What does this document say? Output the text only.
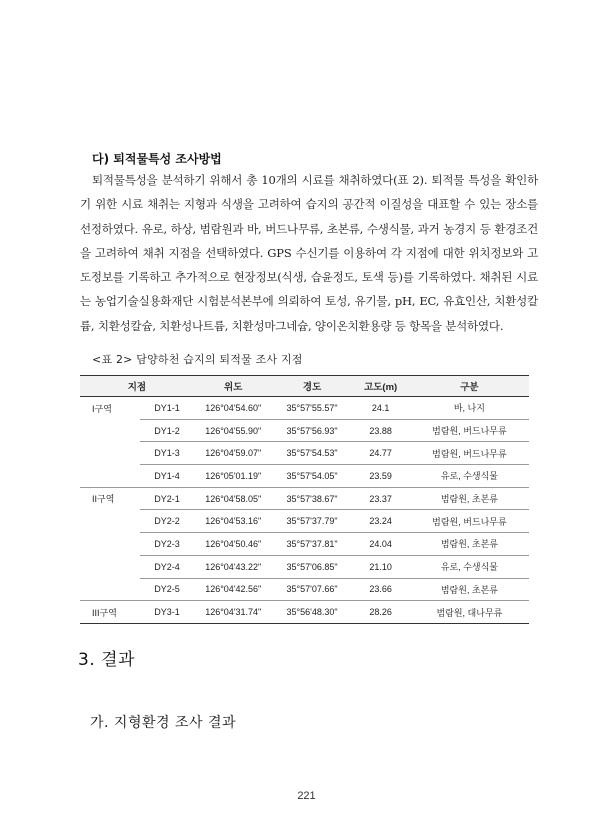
다) 퇴적물특성 조사방법
퇴적물특성을 분석하기 위해서 총 10개의 시료를 채취하였다(표 2). 퇴적물 특성을 확인하기 위한 시료 채취는 지형과 식생을 고려하여 습지의 공간적 이질성을 대표할 수 있는 장소를 선정하였다. 유로, 하상, 범람원과 바, 버드나무류, 초본류, 수생식물, 과거 농경지 등 환경조건을 고려하여 채취 지점을 선택하였다. GPS 수신기를 이용하여 각 지점에 대한 위치정보와 고도정보를 기록하고 추가적으로 현장정보(식생, 습윤정도, 토색 등)를 기록하였다. 채취된 시료는 농업기술실용화재단 시험분석본부에 의뢰하여 토성, 유기물, pH, EC, 유효인산, 치환성칼륨, 치환성칼슘, 치환성나트륨, 치환성마그네슘, 양이온치환용량 등 항목을 분석하였다.
<표 2> 담양하천 습지의 퇴적물 조사 지점
지점		위도	경도	고도(m)	구분
I구역	DY1-1	126°04'54.60"	35°57'55.57"	24.1	바, 나지
	DY1-2	126°04'55.90"	35°57'56.93"	23.88	범람원, 버드나무류
	DY1-3	126°04'59.07"	35°57'54.53"	24.77	범람원, 버드나무류
	DY1-4	126°05'01.19"	35°57'54.05"	23.59	유로, 수생식물
II구역	DY2-1	126°04'58.05"	35°57'38.67"	23.37	범람원, 초본류
	DY2-2	126°04'53.16"	35°57'37.79"	23.24	범람원, 버드나무류
	DY2-3	126°04'50.46"	35°57'37.81"	24.04	범람원, 초본류
	DY2-4	126°04'43.22"	35°57'06.85"	21.10	유로, 수생식물
	DY2-5	126°04'42.56"	35°57'07.66"	23.66	범람원, 초본류
III구역	DY3-1	126°04'31.74"	35°56'48.30"	28.26	범람원, 대나무류
3. 결과
가. 지형환경 조사 결과
221
